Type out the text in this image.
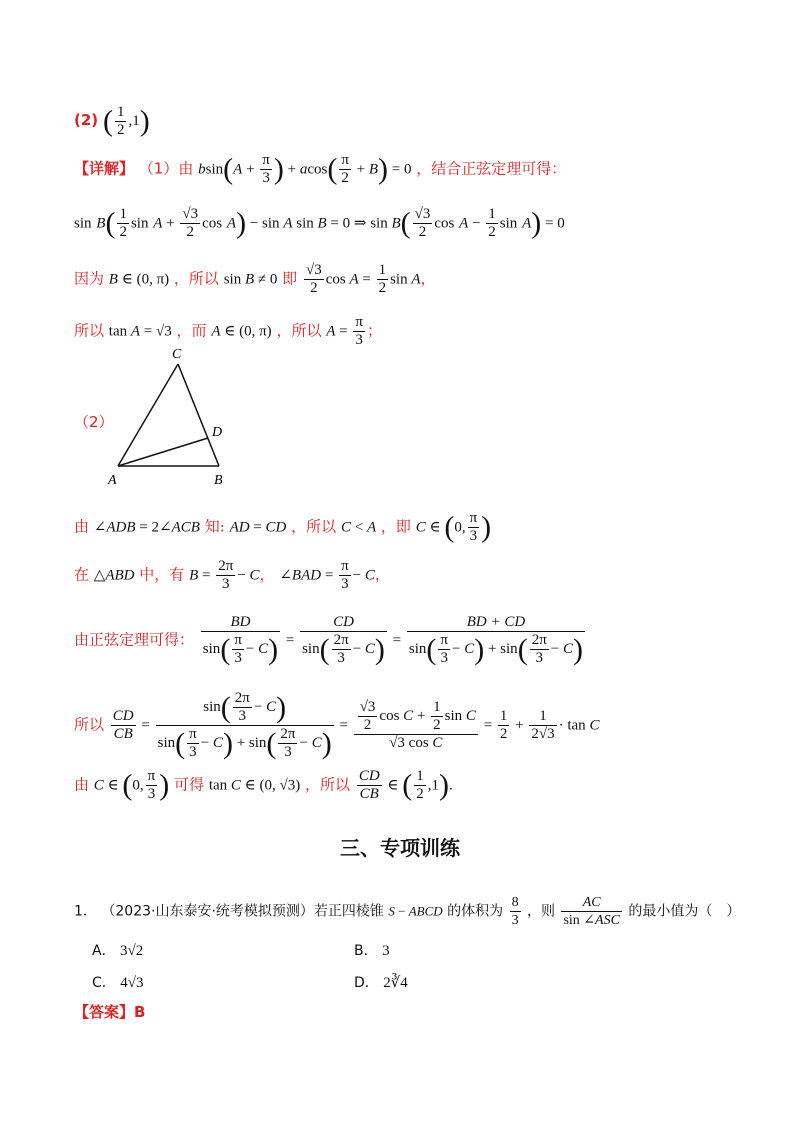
(2) ( $\frac{1}{2} ,1$)
【详解】 （1）由 $bsin(A + \frac{\pi}{3}$ ) + $acos( \frac{\pi}{2} + B) = 0$ ，结合正弦定理可得：
$\sin B( \frac{1}{2}$ $\sin A + \frac{√3}{2}$ cos A) − sin A sin B = 0 ⇒ $\sin B( \frac{√3}{2}$ $\cos A - \frac{1}{2}$ sin A) = 0
因为 B ∈ (0, π) ，所以 sin B ≠ 0 即 $\frac{√3}{2}$ $\cos A = \frac{1}{2}$ sin A，
所以 tan A = √3 ，而 A ∈ (0, π) ，所以 $A = \frac{\pi}{3}$ ；
（2）
C
D
A	B
由 ∠ADB = 2∠ACB 知: AD = CD ，所以 C < A ，即 C ∈ (0, $\frac{\pi}{3}$ )
在 △ABD 中，有 $B = \frac{2\pi}{3} - C$， ∠BAD = $\frac{\pi}{3} - C$，
由正弦定理可得： $\frac{BD}{\sin( \frac{\pi}{3} - C)} = \frac{CD}{\sin( \frac{2\pi}{3} - C)} = \frac{BD + CD}{\sin( \frac{\pi}{3} - C) + \sin( \frac{2\pi}{3} - C)}$
所以 $\frac{CD}{CB} = \frac{\sin( \frac{2\pi}{3} - C)}{\sin( \frac{\pi}{3} - C) + \sin( \frac{2\pi}{3} - C)} = \frac{\frac{√3}{2} \cos C + \frac{1}{2} \sin C}{\text{√3 cos C}} = \frac{1}{2} + \frac{1}{2√3} \cdot \tan C$
由 C ∈ (0, $\frac{\pi}{3}$ ) 可得 tan C ∈ (0, √3) ，所以 $\frac{CD}{CB}$ ∈ ( $\frac{1}{2} ,1$).
三、专项训练
1． （2023·山东泰安·统考模拟预测）若正四棱锥 S − ABCD 的体积为 $\frac{8}{3}$ ，则 $\frac{AC}{\text{sin ∠ASC}}$ 的最小值为（　）
A． 3√2	B． 3
C． 4√3	D． 2∛4
【答案】B
